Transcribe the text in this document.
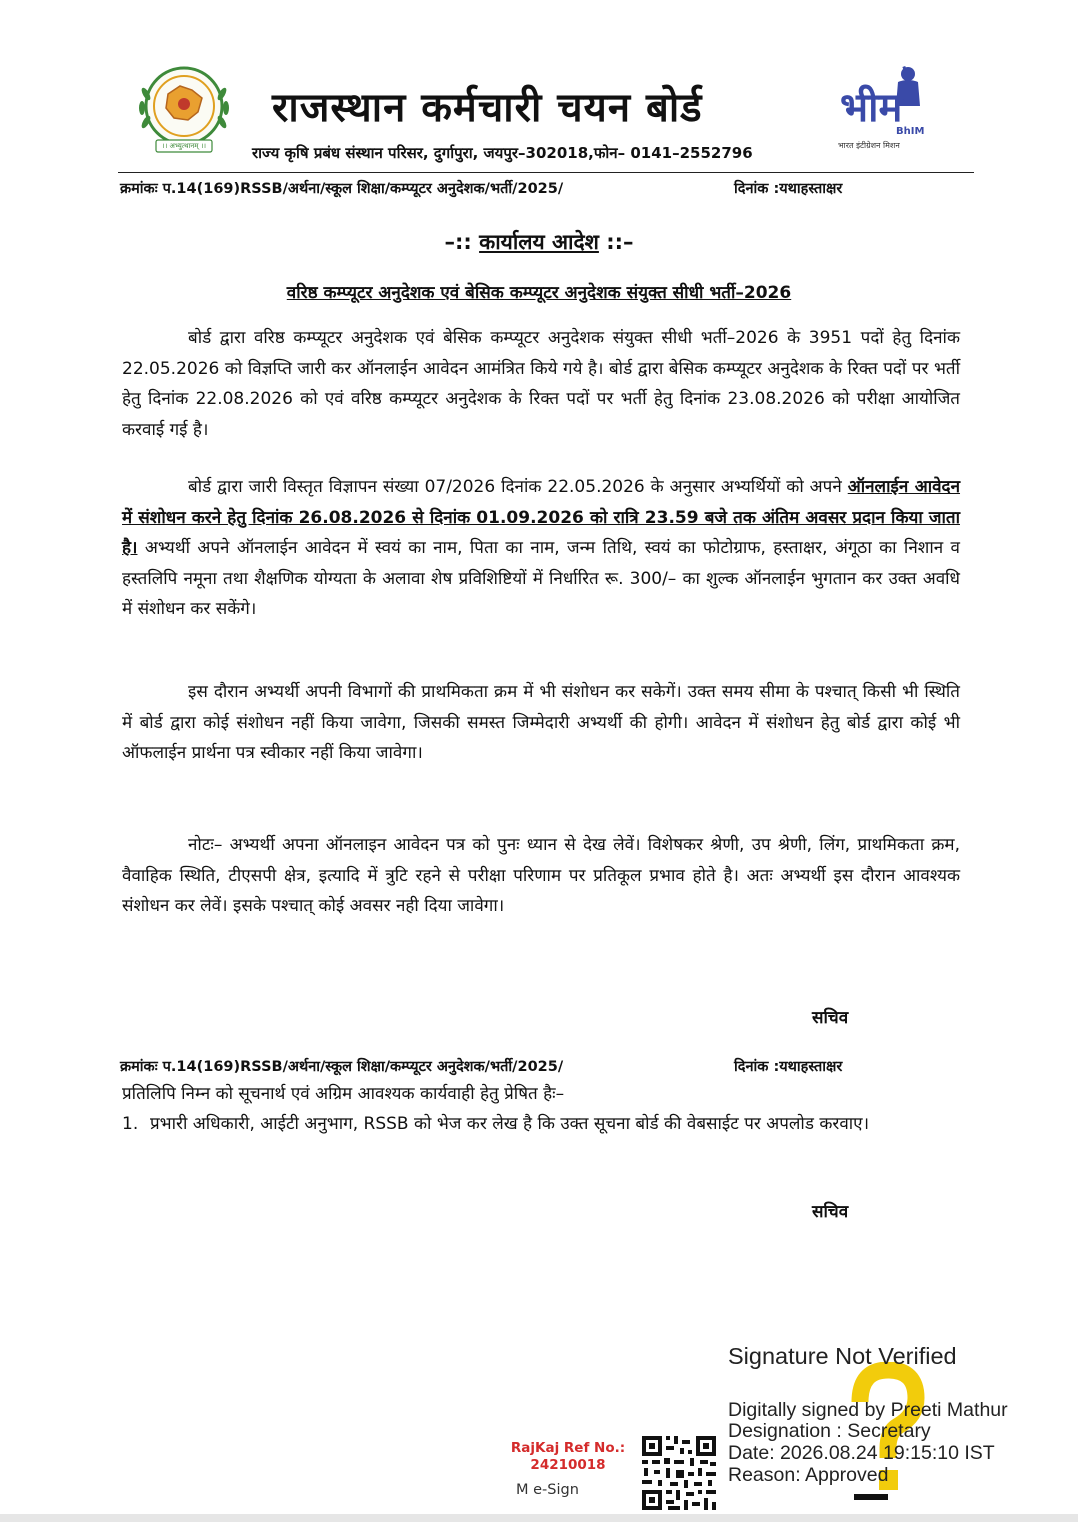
।। अभ्युत्थानम् ।।
राजस्थान कर्मचारी चयन बोर्ड	भीम
BhIM
भारत इंटीग्रेशन मिशन
राज्य कृषि प्रबंध संस्थान परिसर, दुर्गापुरा, जयपुर–302018,फोन– 0141–2552796
क्रमांकः प.14(169)RSSB/अर्थना/स्कूल शिक्षा/कम्प्यूटर अनुदेशक/भर्ती/2025/	दिनांक :यथाहस्ताक्षर
–:: कार्यालय आदेश ::–
वरिष्ठ कम्प्यूटर अनुदेशक एवं बेसिक कम्प्यूटर अनुदेशक संयुक्त सीधी भर्ती–2026
बोर्ड द्वारा वरिष्ठ कम्प्यूटर अनुदेशक एवं बेसिक कम्प्यूटर अनुदेशक संयुक्त सीधी भर्ती–2026 के 3951 पदों हेतु दिनांक 22.05.2026 को विज्ञप्ति जारी कर ऑनलाईन आवेदन आमंत्रित किये गये है। बोर्ड द्वारा बेसिक कम्प्यूटर अनुदेशक के रिक्त पदों पर भर्ती हेतु दिनांक 22.08.2026 को एवं वरिष्ठ कम्प्यूटर अनुदेशक के रिक्त पदों पर भर्ती हेतु दिनांक 23.08.2026 को परीक्षा आयोजित करवाई गई है।
बोर्ड द्वारा जारी विस्तृत विज्ञापन संख्या 07/2026 दिनांक 22.05.2026 के अनुसार अभ्यर्थियों को अपने ऑनलाईन आवेदन में संशोधन करने हेतु दिनांक 26.08.2026 से दिनांक 01.09.2026 को रात्रि 23.59 बजे तक अंतिम अवसर प्रदान किया जाता है। अभ्यर्थी अपने ऑनलाईन आवेदन में स्वयं का नाम, पिता का नाम, जन्म तिथि, स्वयं का फोटोग्राफ, हस्ताक्षर, अंगूठा का निशान व हस्तलिपि नमूना तथा शैक्षणिक योग्यता के अलावा शेष प्रविशिष्टियों में निर्धारित रू. 300/– का शुल्क ऑनलाईन भुगतान कर उक्त अवधि में संशोधन कर सकेंगे।
इस दौरान अभ्यर्थी अपनी विभागों की प्राथमिकता क्रम में भी संशोधन कर सकेगें। उक्त समय सीमा के पश्चात् किसी भी स्थिति में बोर्ड द्वारा कोई संशोधन नहीं किया जावेगा, जिसकी समस्त जिम्मेदारी अभ्यर्थी की होगी। आवेदन में संशोधन हेतु बोर्ड द्वारा कोई भी ऑफलाईन प्रार्थना पत्र स्वीकार नहीं किया जावेगा।
नोटः– अभ्यर्थी अपना ऑनलाइन आवेदन पत्र को पुनः ध्यान से देख लेवें। विशेषकर श्रेणी, उप श्रेणी, लिंग, प्राथमिकता क्रम, वैवाहिक स्थिति, टीएसपी क्षेत्र, इत्यादि में त्रुटि रहने से परीक्षा परिणाम पर प्रतिकूल प्रभाव होते है। अतः अभ्यर्थी इस दौरान आवश्यक संशोधन कर लेवें। इसके पश्चात् कोई अवसर नही दिया जावेगा।
सचिव
क्रमांकः प.14(169)RSSB/अर्थना/स्कूल शिक्षा/कम्प्यूटर अनुदेशक/भर्ती/2025/	दिनांक :यथाहस्ताक्षर
प्रतिलिपि निम्न को सूचनार्थ एवं अग्रिम आवश्यक कार्यवाही हेतु प्रेषित हैः–
1. प्रभारी अधिकारी, आईटी अनुभाग, RSSB को भेज कर लेख है कि उक्त सूचना बोर्ड की वेबसाईट पर अपलोड करवाए।
सचिव
Signature Not Verified
Digitally signed by Preeti Mathur
Designation : Secretary
Date: 2026.08.24 19:15:10 IST
Reason: Approved
RajKaj Ref No.:
24210018
M e-Sign
